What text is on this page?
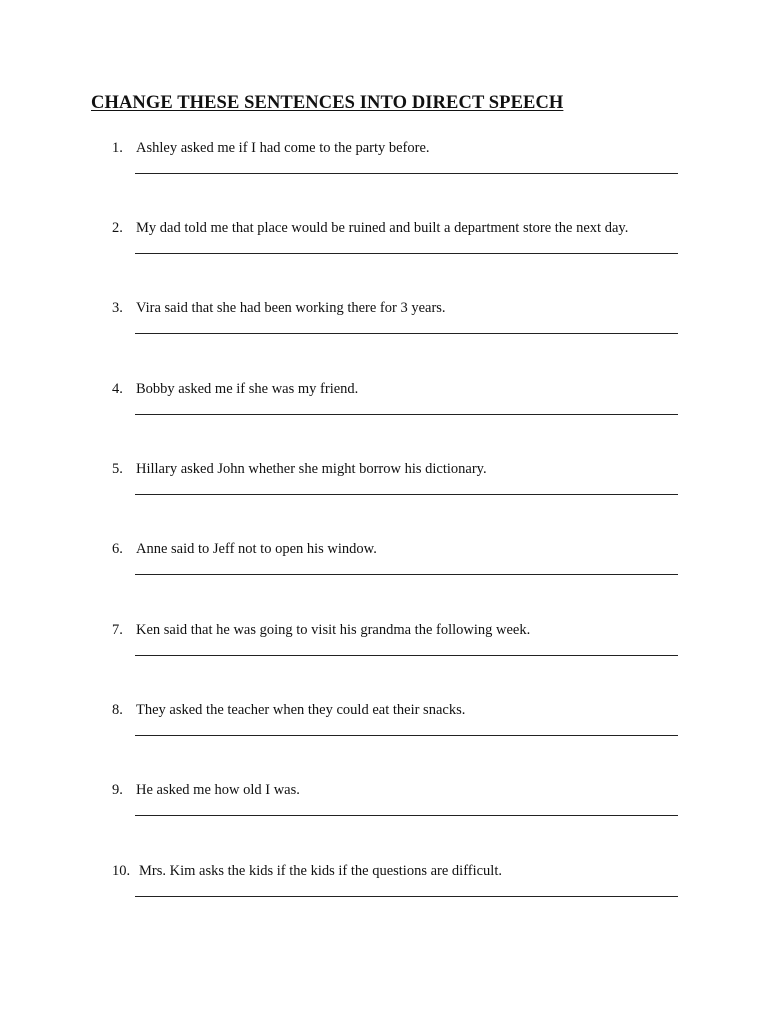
CHANGE THESE SENTENCES INTO DIRECT SPEECH
1. Ashley asked me if I had come to the party before.
2. My dad told me that place would be ruined and built a department store the next day.
3. Vira said that she had been working there for 3 years.
4. Bobby asked me if she was my friend.
5. Hillary asked John whether she might borrow his dictionary.
6. Anne said to Jeff not to open his window.
7. Ken said that he was going to visit his grandma the following week.
8. They asked the teacher when they could eat their snacks.
9. He asked me how old I was.
10. Mrs. Kim asks the kids if the kids if the questions are difficult.
